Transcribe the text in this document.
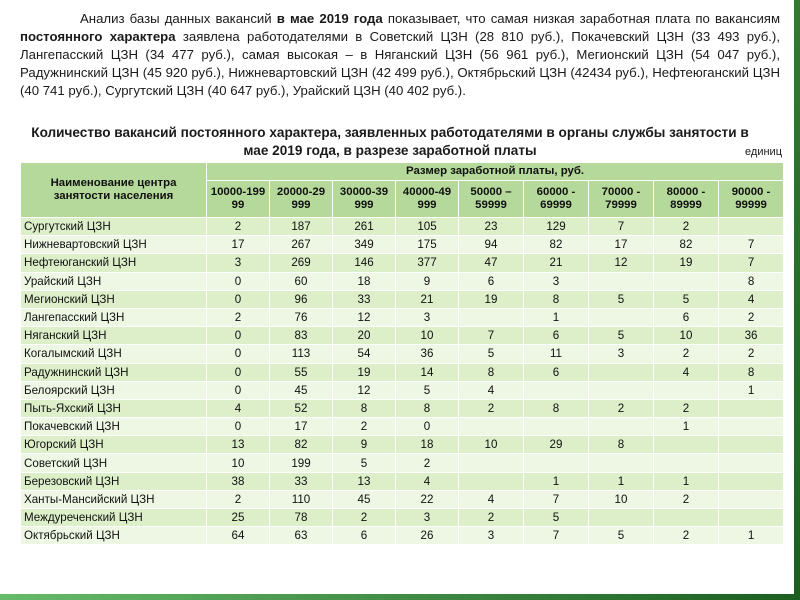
Анализ базы данных вакансий в мае 2019 года показывает, что самая низкая заработная плата по вакансиям постоянного характера заявлена работодателями в Советский ЦЗН (28 810 руб.), Покачевский ЦЗН (33 493 руб.), Лангепасский ЦЗН (34 477 руб.), самая высокая – в Няганский ЦЗН (56 961 руб.), Мегионский ЦЗН (54 047 руб.), Радужнинский ЦЗН (45 920 руб.), Нижневартовский ЦЗН (42 499 руб.), Октябрьский ЦЗН (42434 руб.), Нефтеюганский ЦЗН (40 741 руб.), Сургутский ЦЗН (40 647 руб.), Урайский ЦЗН (40 402 руб.).

Количество вакансий постоянного характера, заявленных работодателями в органы службы занятости в мае 2019 года, в разрезе заработной платы	единиц
Наименование центра занятости населения	Размер заработной платы, руб.								
	10000-199 99	20000-29 999	30000-39 999	40000-49 999	50000 – 59999	60000 - 69999	70000 - 79999	80000 - 89999	90000 - 99999
Сургутский ЦЗН	2	187	261	105	23	129	7	2	
Нижневартовский ЦЗН	17	267	349	175	94	82	17	82	7
Нефтеюганский ЦЗН	3	269	146	377	47	21	12	19	7
Урайский ЦЗН	0	60	18	9	6	3			8
Мегионский ЦЗН	0	96	33	21	19	8	5	5	4
Лангепасский ЦЗН	2	76	12	3		1		6	2
Няганский ЦЗН	0	83	20	10	7	6	5	10	36
Когалымский ЦЗН	0	113	54	36	5	11	3	2	2
Радужнинский ЦЗН	0	55	19	14	8	6		4	8
Белоярский ЦЗН	0	45	12	5	4				1
Пыть-Яхский ЦЗН	4	52	8	8	2	8	2	2	
Покачевский ЦЗН	0	17	2	0				1	
Югорский ЦЗН	13	82	9	18	10	29	8		
Советский ЦЗН	10	199	5	2					
Березовский ЦЗН	38	33	13	4		1	1	1	
Ханты-Мансийский ЦЗН	2	110	45	22	4	7	10	2	
Междуреченский ЦЗН	25	78	2	3	2	5			
Октябрьский ЦЗН	64	63	6	26	3	7	5	2	1
